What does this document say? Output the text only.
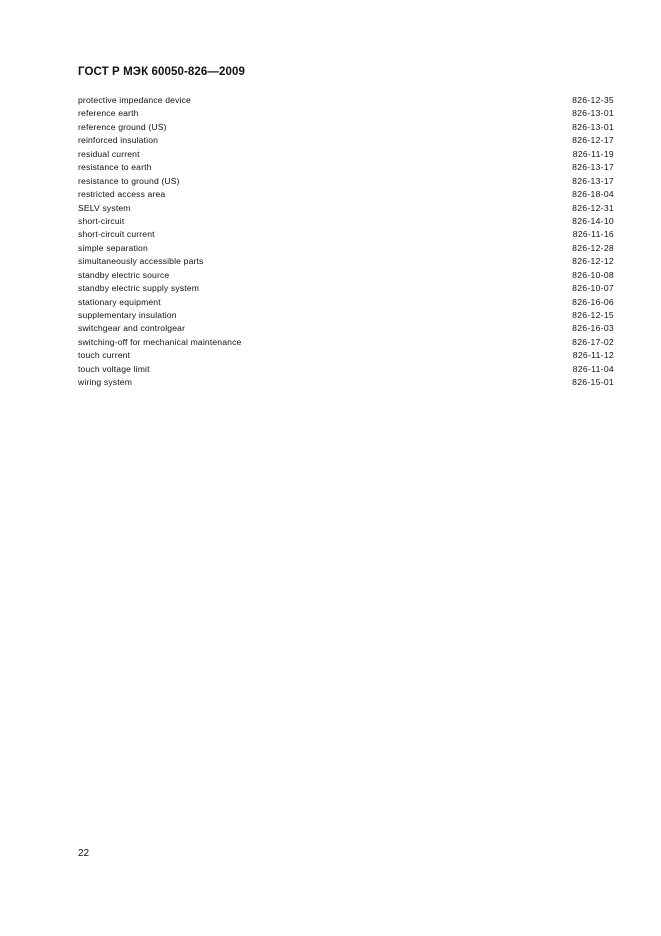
ГОСТ Р МЭК 60050-826—2009
protective impedance device	826-12-35
reference earth	826-13-01
reference ground (US)	826-13-01
reinforced insulation	826-12-17
residual current	826-11-19
resistance to earth	826-13-17
resistance to ground (US)	826-13-17
restricted access area	826-18-04
SELV system	826-12-31
short-circuit	826-14-10
short-circuit current	826-11-16
simple separation	826-12-28
simultaneously accessible parts	826-12-12
standby electric source	826-10-08
standby electric supply system	826-10-07
stationary equipment	826-16-06
supplementary insulation	826-12-15
switchgear and controlgear	826-16-03
switching-off for mechanical maintenance	826-17-02
touch current	826-11-12
touch voltage limit	826-11-04
wiring system	826-15-01
22
